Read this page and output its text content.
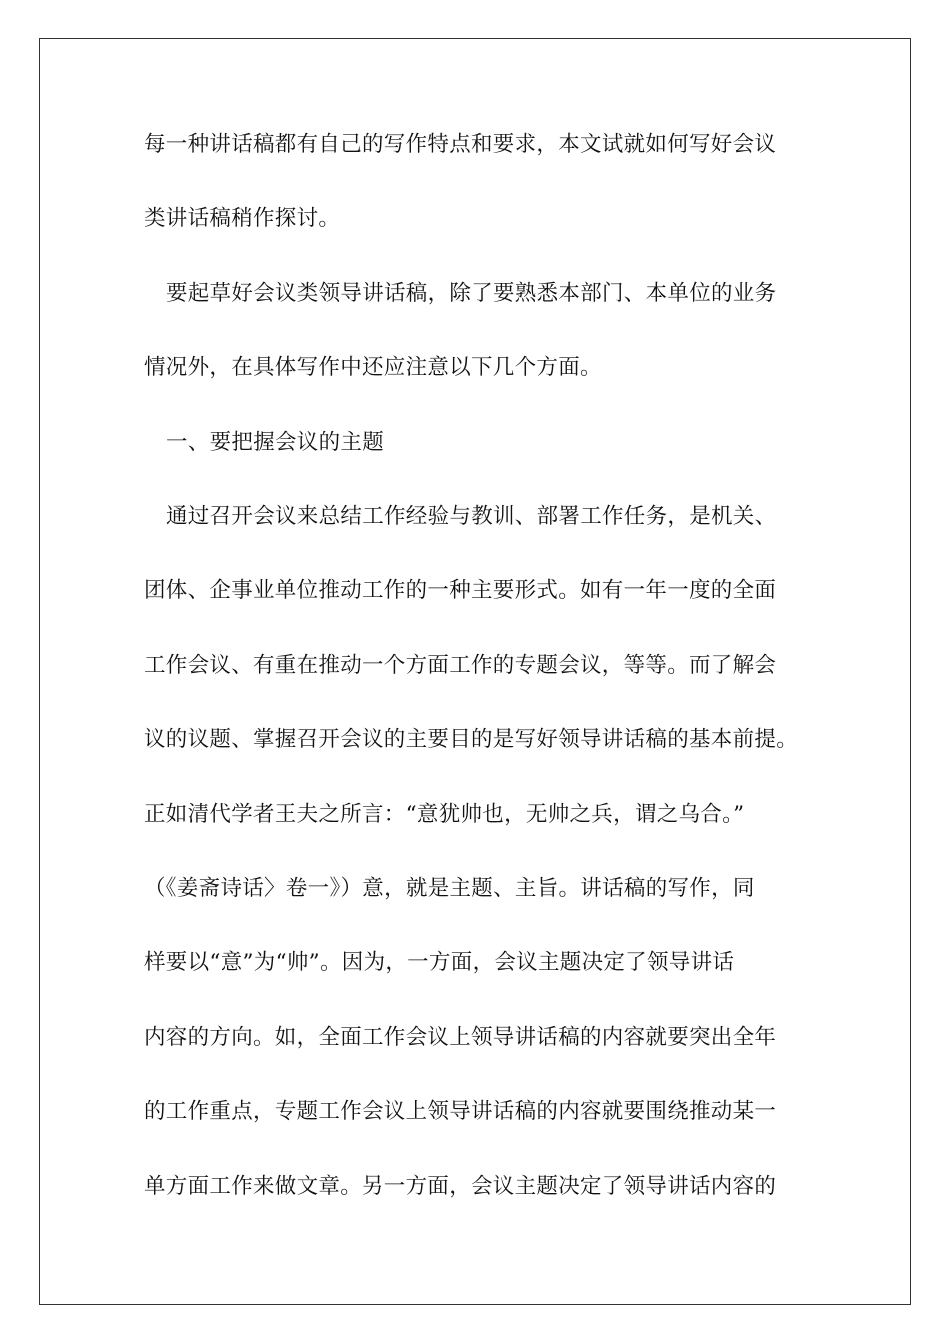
每一种讲话稿都有自己的写作特点和要求，本文试就如何写好会议
类讲话稿稍作探讨。
要起草好会议类领导讲话稿，除了要熟悉本部门、本单位的业务
情况外，在具体写作中还应注意以下几个方面。
一、要把握会议的主题
通过召开会议来总结工作经验与教训、部署工作任务，是机关、
团体、企事业单位推动工作的一种主要形式。如有一年一度的全面
工作会议、有重在推动一个方面工作的专题会议，等等。而了解会
议的议题、掌握召开会议的主要目的是写好领导讲话稿的基本前提。
正如清代学者王夫之所言：“意犹帅也，无帅之兵，谓之乌合。”
（《姜斋诗话〉卷一》）意，就是主题、主旨。讲话稿的写作，同
样要以“意”为“帅”。因为，一方面，会议主题决定了领导讲话
内容的方向。如，全面工作会议上领导讲话稿的内容就要突出全年
的工作重点，专题工作会议上领导讲话稿的内容就要围绕推动某一
单方面工作来做文章。另一方面，会议主题决定了领导讲话内容的
